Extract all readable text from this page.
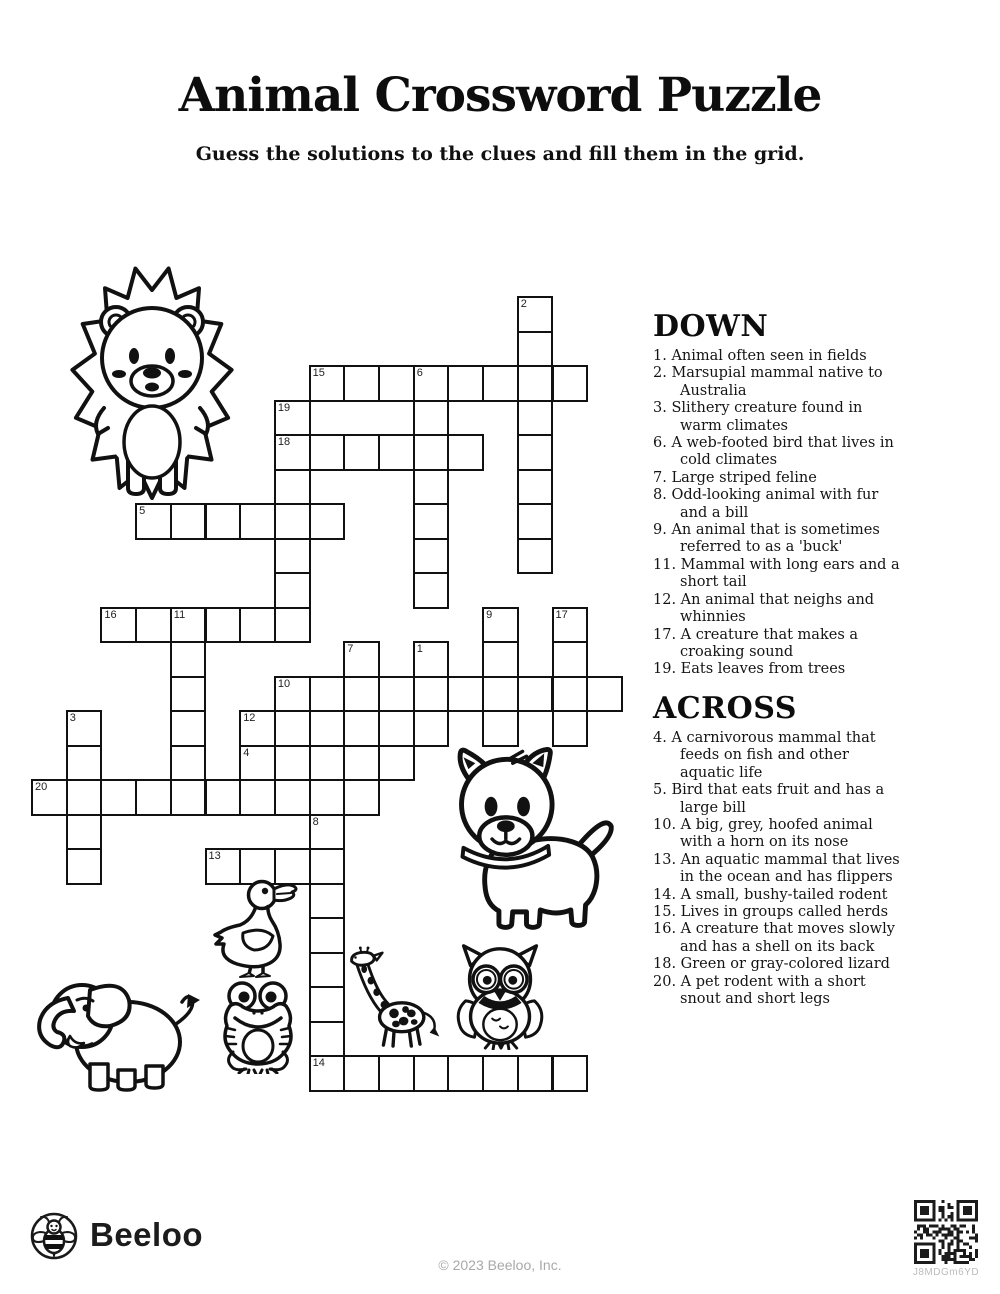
Animal Crossword Puzzle

Guess the solutions to the clues and fill them in the grid.

2
15	6
19
18
5
16	11	9	17
7	1
10
3	12
4
20
8
13
14
DOWN
1. Animal often seen in fields
2. Marsupial mammal native to Australia
3. Slithery creature found in warm climates
6. A web-footed bird that lives in cold climates
7. Large striped feline
8. Odd-looking animal with fur and a bill
9. An animal that is sometimes referred to as a 'buck'
11. Mammal with long ears and a short tail
12. An animal that neighs and whinnies
17. A creature that makes a croaking sound
19. Eats leaves from trees
ACROSS
4. A carnivorous mammal that feeds on fish and other aquatic life
5. Bird that eats fruit and has a large bill
10. A big, grey, hoofed animal with a horn on its nose
13. An aquatic mammal that lives in the ocean and has flippers
14. A small, bushy-tailed rodent
15. Lives in groups called herds
16. A creature that moves slowly and has a shell on its back
18. Green or gray-colored lizard
20. A pet rodent with a short snout and short legs
Beeloo
© 2023 Beeloo, Inc.	J8MDGm6YD
